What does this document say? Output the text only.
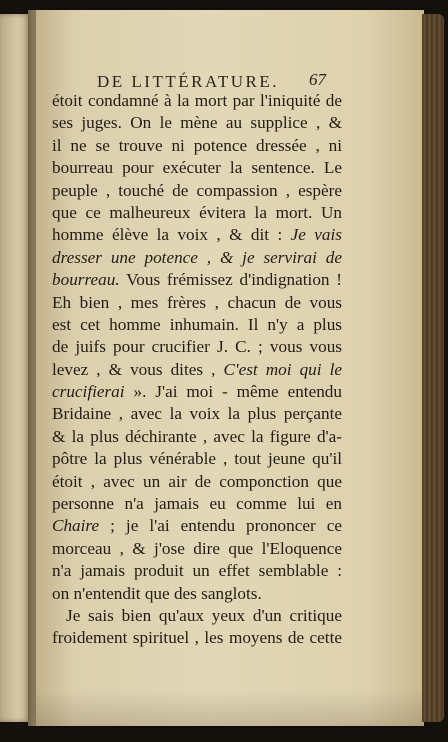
DE LITTÉRATURE.	67
étoit condamné à la mort par l'iniquité de
ses juges. On le mène au supplice , &
il ne se trouve ni potence dressée , ni
bourreau pour exécuter la sentence. Le
peuple , touché de compassion , espère
que ce malheureux évitera la mort. Un
homme élève la voix , & dit : Je vais
dresser une potence , & je servirai de
bourreau. Vous frémissez d'indignation !
Eh bien , mes frères , chacun de vous
est cet homme inhumain. Il n'y a plus
de juifs pour crucifier J. C. ; vous vous
levez , & vous dites , C'est moi qui le
crucifierai ». J'ai moi - même entendu
Bridaine , avec la voix la plus perçante
& la plus déchirante , avec la figure d'a-
pôtre la plus vénérable , tout jeune qu'il
étoit , avec un air de componction que
personne n'a jamais eu comme lui en
Chaire ; je l'ai entendu prononcer ce
morceau , & j'ose dire que l'Eloquence
n'a jamais produit un effet semblable :
on n'entendit que des sanglots.
Je sais bien qu'aux yeux d'un critique
froidement spirituel , les moyens de cette
